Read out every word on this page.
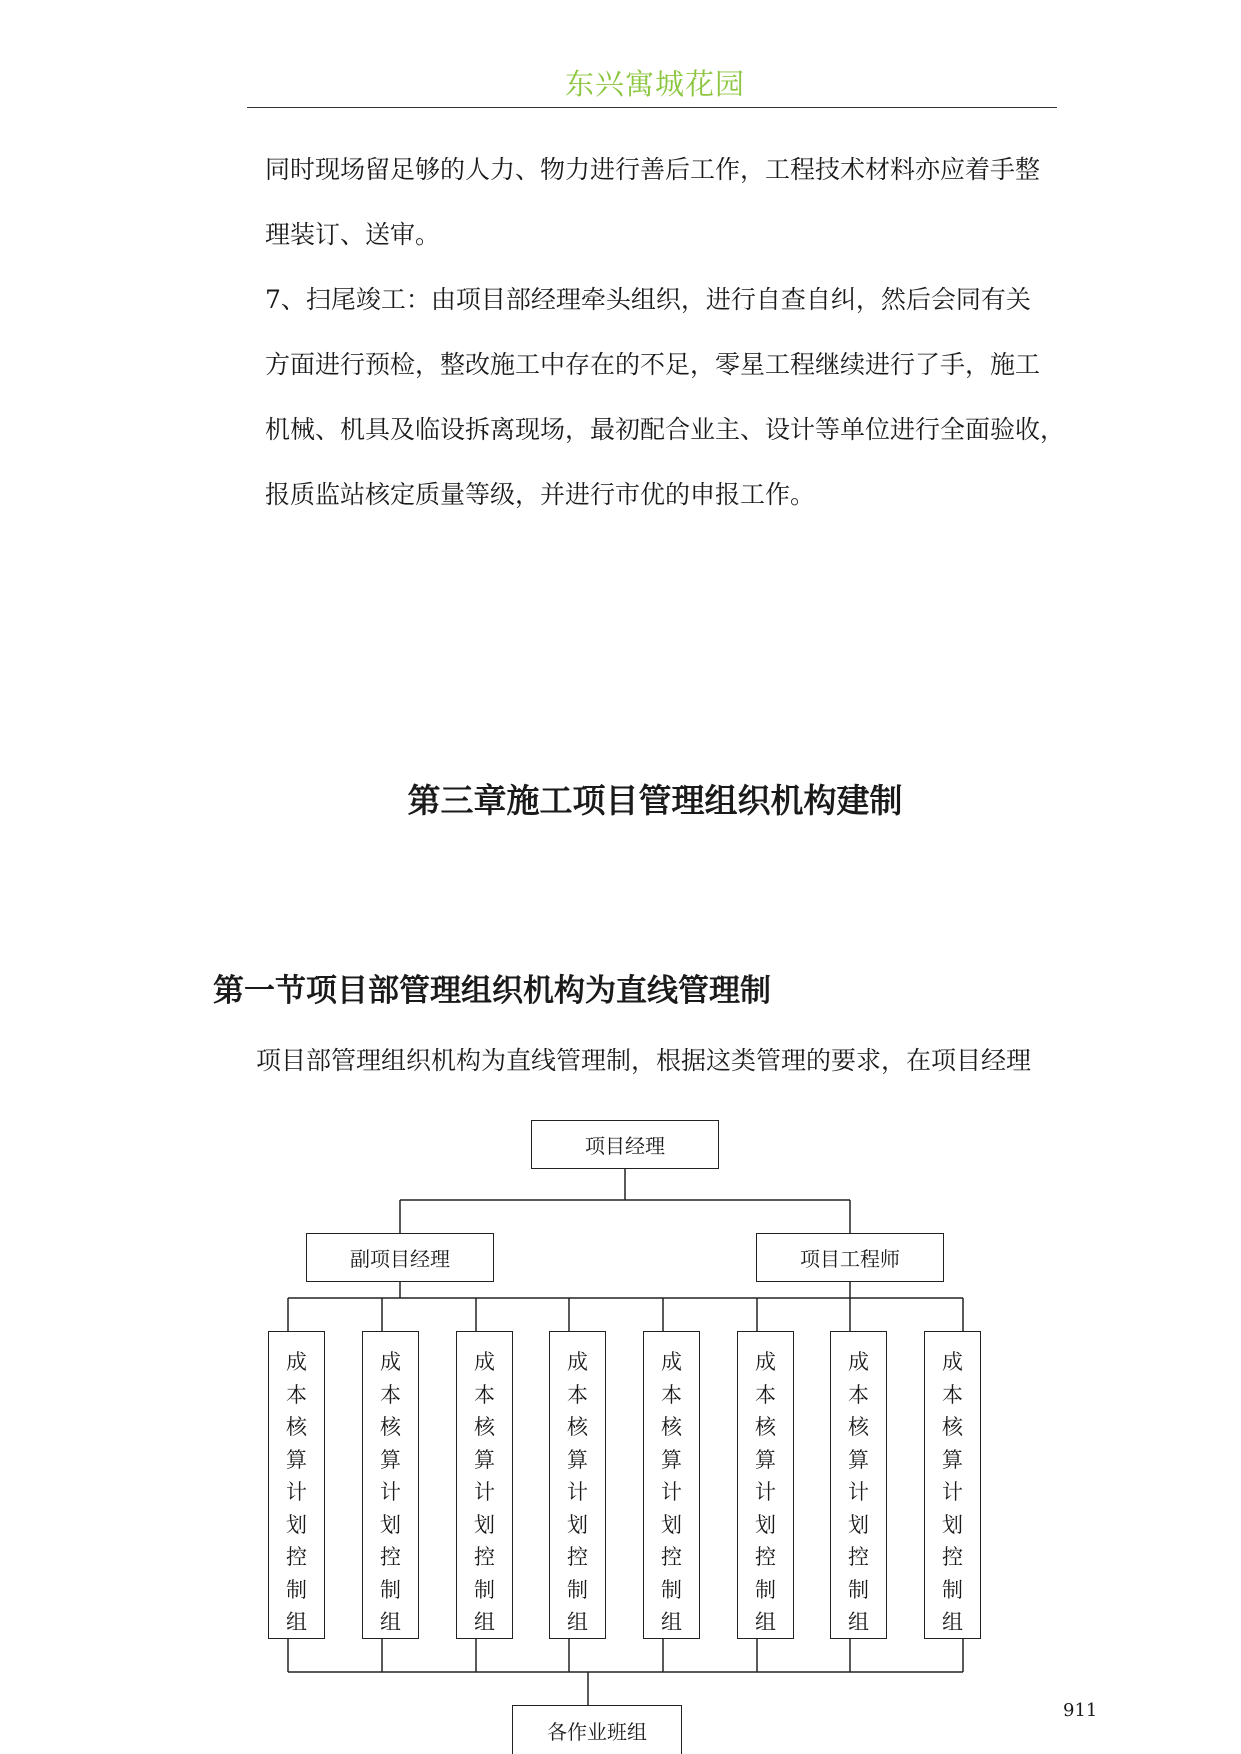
东兴寓城花园
同时现场留足够的人力、物力进行善后工作，工程技术材料亦应着手整
理装订、送审。
7、扫尾竣工：由项目部经理牵头组织，进行自查自纠，然后会同有关
方面进行预检，整改施工中存在的不足，零星工程继续进行了手，施工
机械、机具及临设拆离现场，最初配合业主、设计等单位进行全面验收，
报质监站核定质量等级，并进行市优的申报工作。
第三章施工项目管理组织机构建制
第一节项目部管理组织机构为直线管理制
项目部管理组织机构为直线管理制，根据这类管理的要求，在项目经理
项目经理
副项目经理	项目工程师
成本核算计划控制组
成本核算计划控制组
成本核算计划控制组
成本核算计划控制组
成本核算计划控制组
成本核算计划控制组
成本核算计划控制组
成本核算计划控制组
各作业班组
911
